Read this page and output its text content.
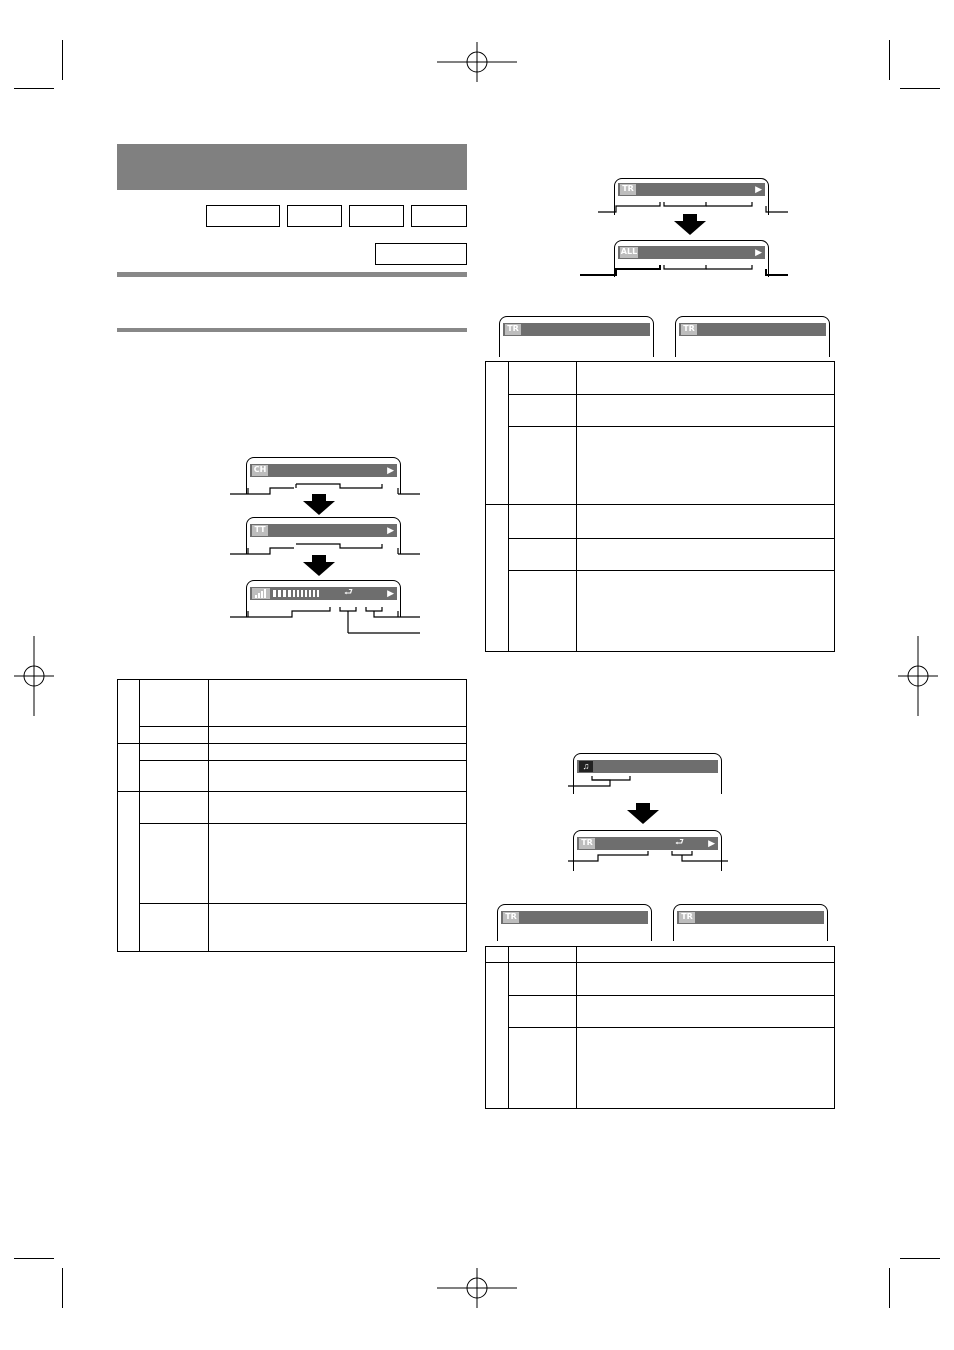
CH	▶
TT	▶
⮐	▶

TR	▶
ALL	▶
TR	TR

♫
TR	⮐	▶
TR	TR
